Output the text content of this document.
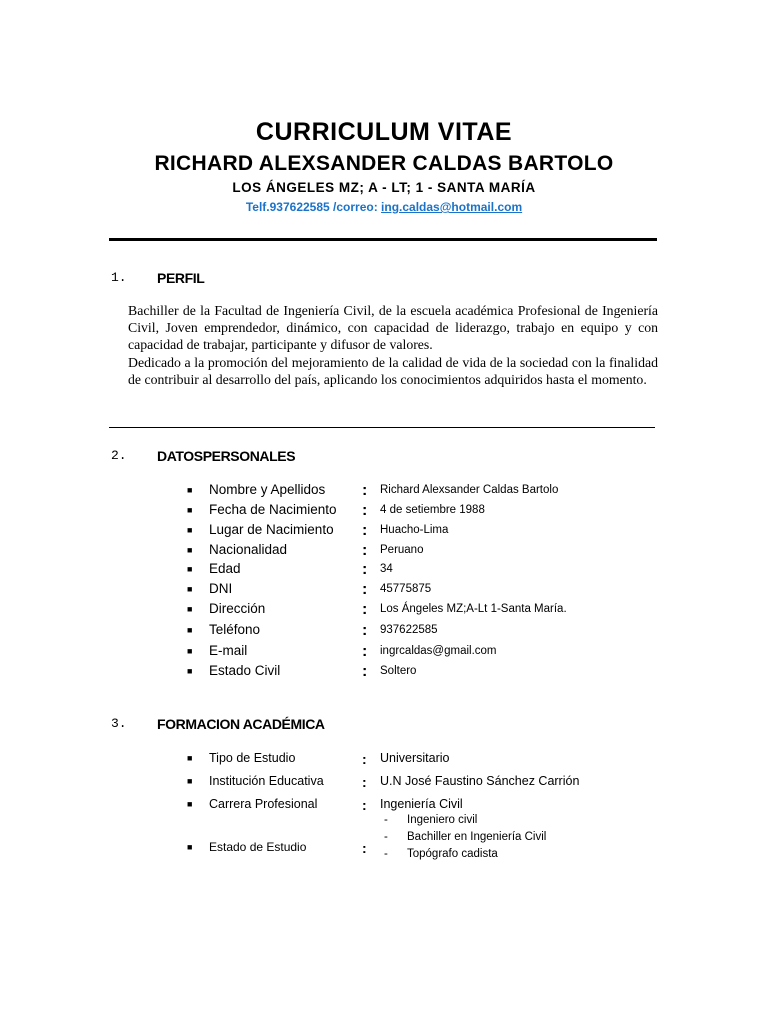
CURRICULUM VITAE
RICHARD ALEXSANDER CALDAS BARTOLO
LOS ÁNGELES MZ; A - LT; 1 - SANTA MARÍA
Telf.937622585 /correo: ing.caldas@hotmail.com
1. PERFIL

Bachiller de la Facultad de Ingeniería Civil, de la escuela académica Profesional de Ingeniería Civil, Joven emprendedor, dinámico, con capacidad de liderazgo, trabajo en equipo y con capacidad de trabajar, participante y difusor de valores.

Dedicado a la promoción del mejoramiento de la calidad de vida de la sociedad con la finalidad de contribuir al desarrollo del país, aplicando los conocimientos adquiridos hasta el momento.

2. DATOSPERSONALES
■ Nombre y Apellidos : Richard Alexsander Caldas Bartolo
■ Fecha de Nacimiento : 4 de setiembre 1988
■ Lugar de Nacimiento : Huacho-Lima
■ Nacionalidad	: Peruano
■ Edad	: 34
■ DNI	: 45775875
■ Dirección	: Los Ángeles MZ;A-Lt 1-Santa María.
■ Teléfono	: 937622585
■ E-mail	: ingrcaldas@gmail.com
■ Estado Civil	: Soltero
3. FORMACION ACADÉMICA
■ Tipo de Estudio	: Universitario
■ Institución Educativa	: U.N José Faustino Sánchez Carrión
■ Carrera Profesional	: Ingeniería Civil
■ Estado de Estudio	:
- Ingeniero civil
- Bachiller en Ingeniería Civil
- Topógrafo cadista
